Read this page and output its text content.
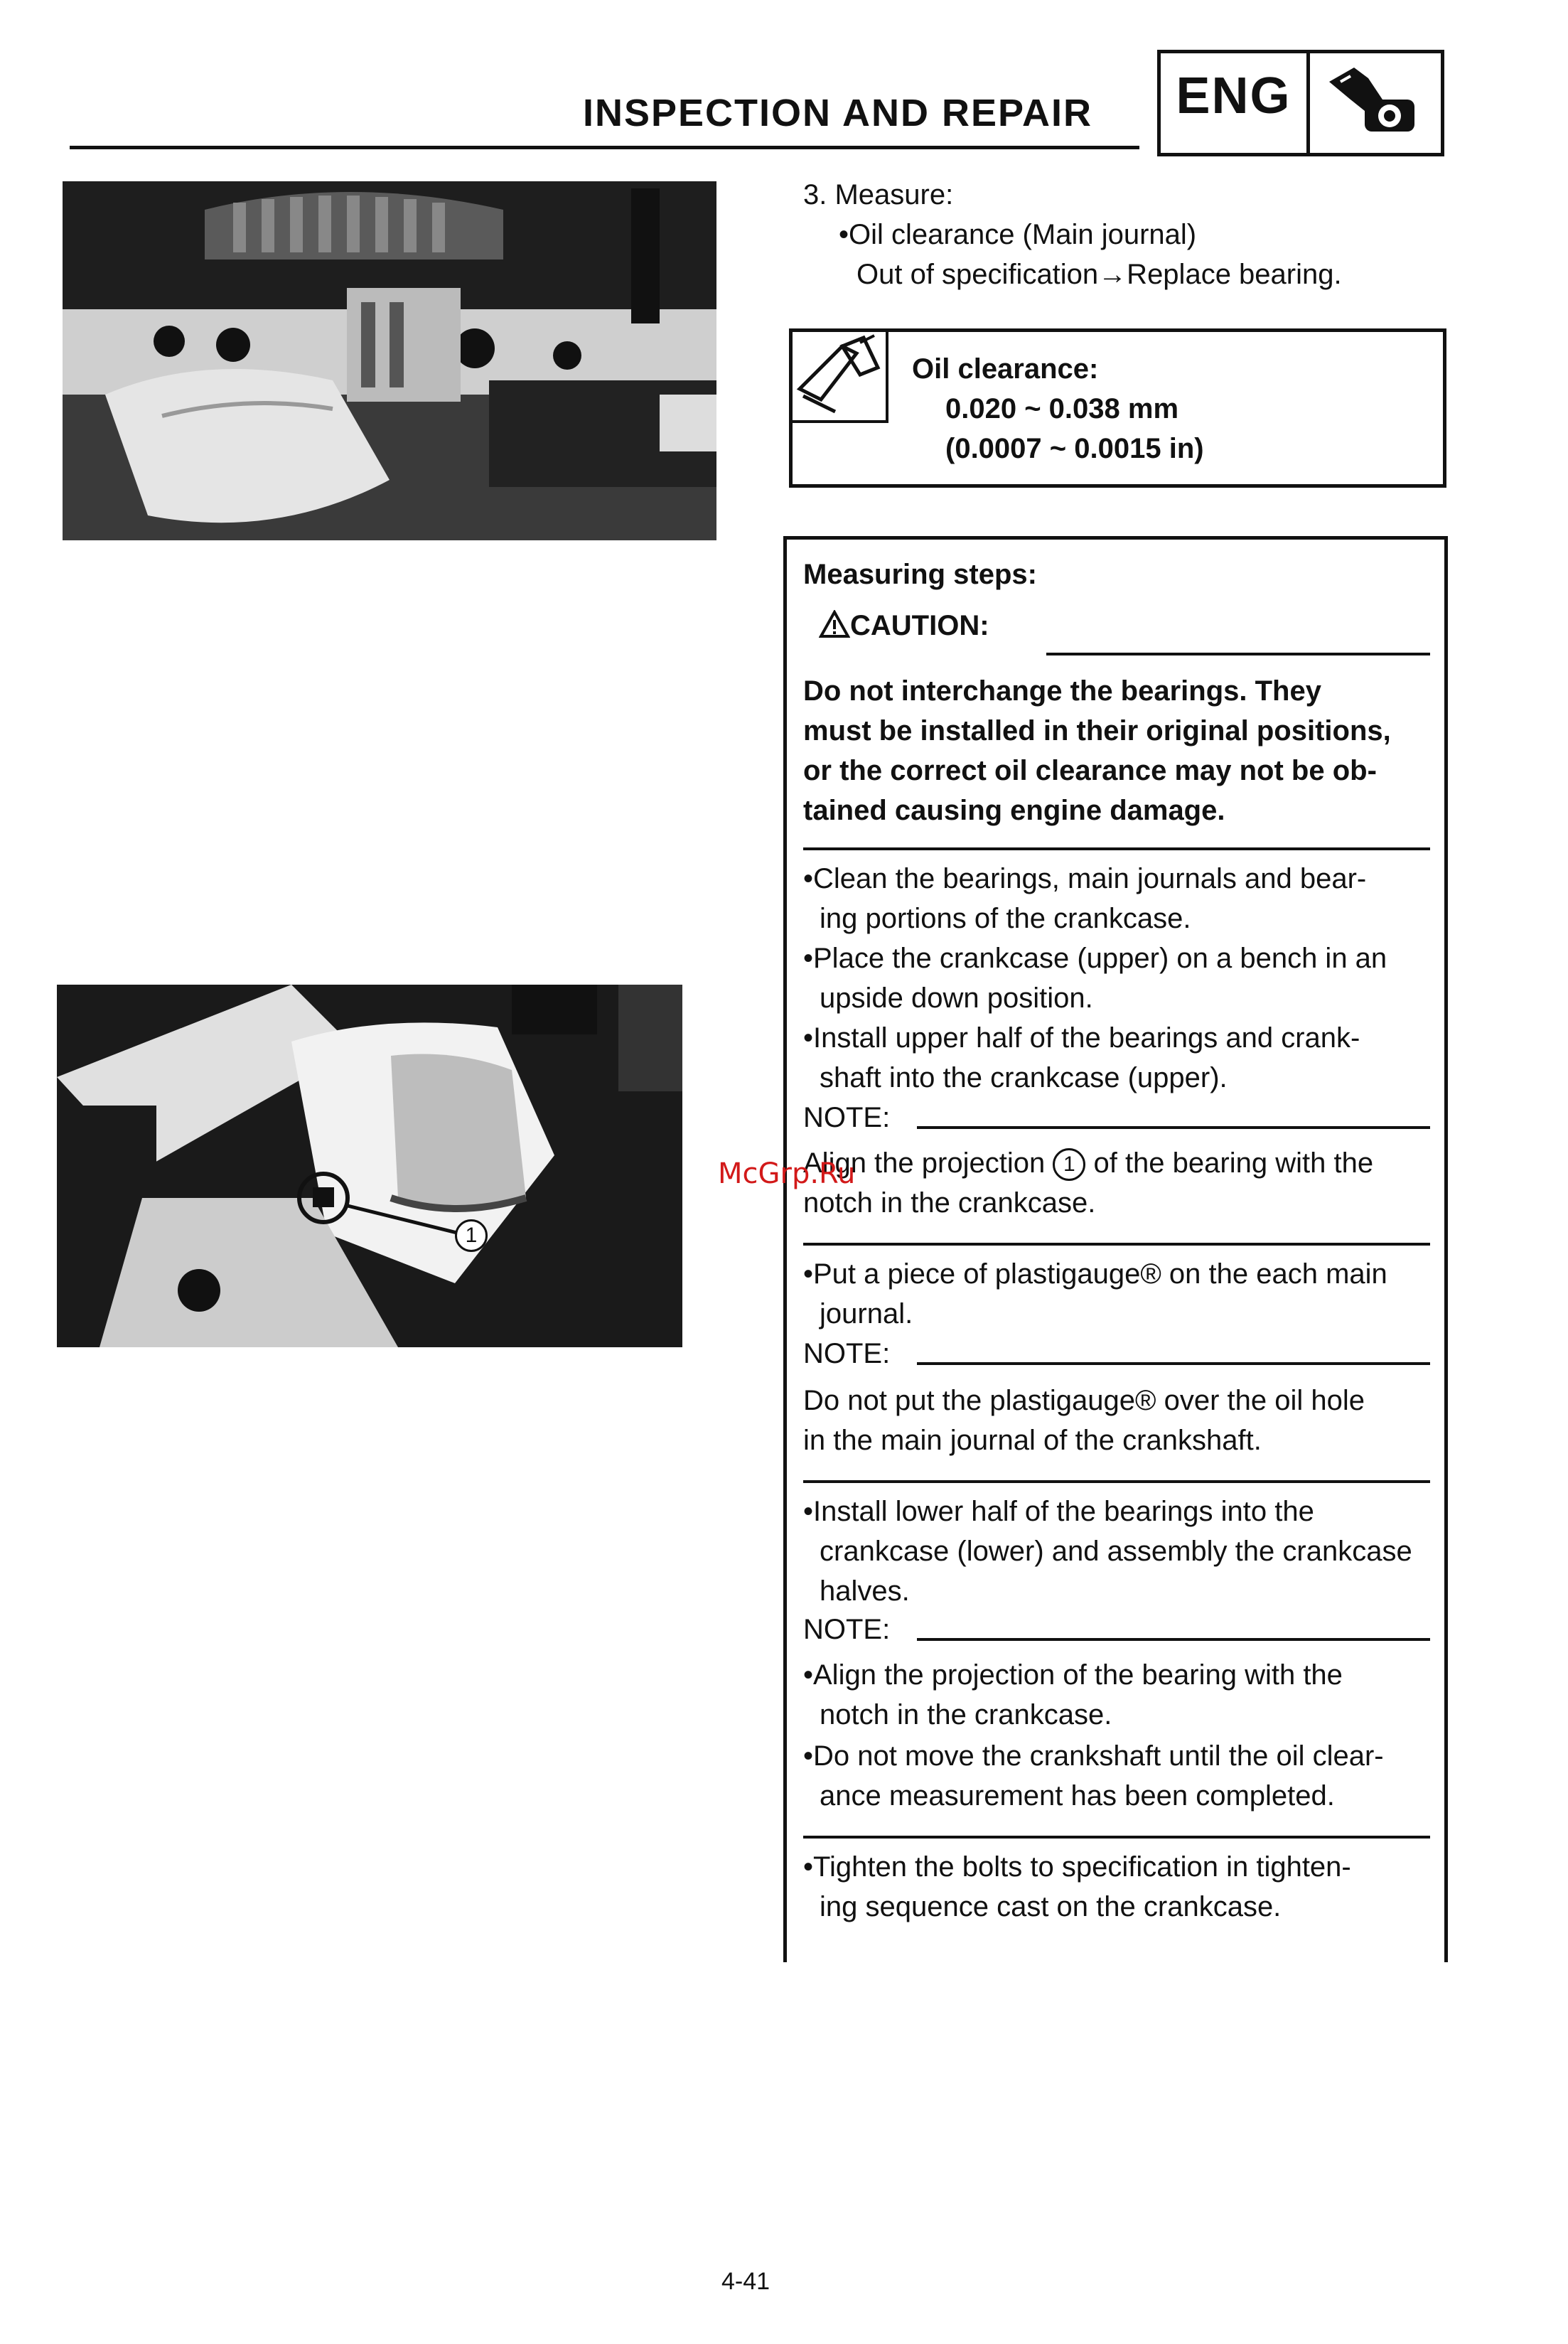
INSPECTION AND REPAIR ENG
1
3. Measure:
•Oil clearance (Main journal)
Out of specification→Replace bearing.
Oil clearance:
0.020 ~ 0.038 mm
(0.0007 ~ 0.0015 in)
Measuring steps:
CAUTION:
Do not interchange the bearings. They
must be installed in their original positions,
or the correct oil clearance may not be ob-
tained causing engine damage.
•Clean the bearings, main journals and bear-
ing portions of the crankcase.
•Place the crankcase (upper) on a bench in an
upside down position.
•Install upper half of the bearings and crank-
shaft into the crankcase (upper).
NOTE:
Align the projection 1 of the bearing with the
notch in the crankcase.
•Put a piece of plastigauge® on the each main
journal.
NOTE:
Do not put the plastigauge® over the oil hole
in the main journal of the crankshaft.
•Install lower half of the bearings into the
crankcase (lower) and assembly the crankcase
halves.
NOTE:
•Align the projection of the bearing with the
notch in the crankcase.
•Do not move the crankshaft until the oil clear-
ance measurement has been completed.
•Tighten the bolts to specification in tighten-
ing sequence cast on the crankcase.
McGrp.Ru
4-41
